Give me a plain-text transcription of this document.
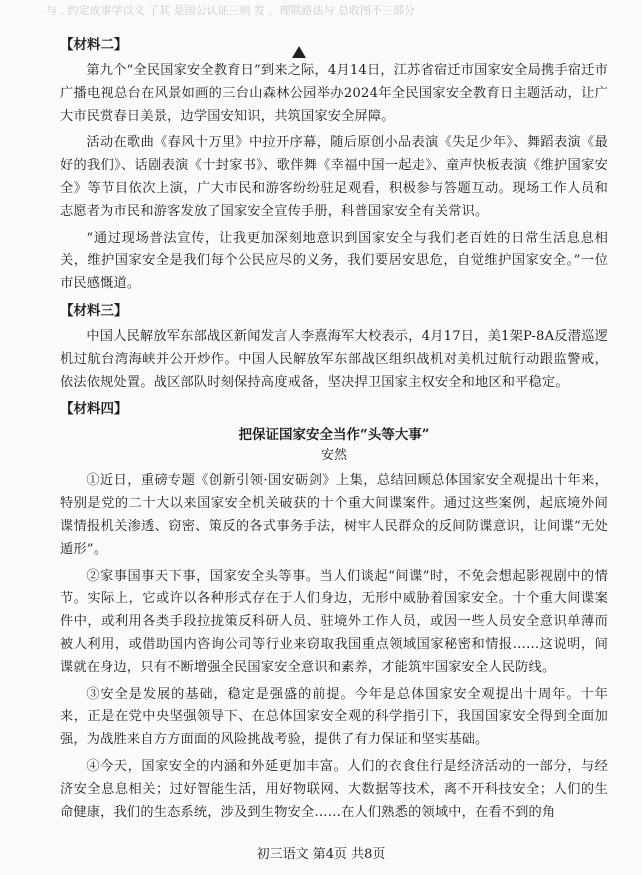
与 . 约定成事学以义 了其 是国公认证三则 发 ，理联路法与 总收图不三部分
【材料二】

第九个“全民国家安全教育日”到来之际，4月14日，江苏省宿迁市国家安全局携手宿迁市广播电视总台在风景如画的三台山森林公园举办2024年全民国家安全教育日主题活动，让广大市民赏春日美景，边学国安知识，共筑国家安全屏障。

活动在歌曲《春风十万里》中拉开序幕，随后原创小品表演《失足少年》、舞蹈表演《最好的我们》、话剧表演《十封家书》、歌伴舞《幸福中国一起走》、童声快板表演《维护国家安全》等节目依次上演，广大市民和游客纷纷驻足观看，积极参与答题互动。现场工作人员和志愿者为市民和游客发放了国家安全宣传手册，科普国家安全有关常识。

“通过现场普法宣传，让我更加深刻地意识到国家安全与我们老百姓的日常生活息息相关，维护国家安全是我们每个公民应尽的义务，我们要居安思危，自觉维护国家安全。”一位市民感慨道。

【材料三】

中国人民解放军东部战区新闻发言人李熹海军大校表示，4月17日，美1架P-8A反潜巡逻机过航台湾海峡并公开炒作。中国人民解放军东部战区组织战机对美机过航行动跟监警戒，依法依规处置。战区部队时刻保持高度戒备，坚决捍卫国家主权安全和地区和平稳定。

【材料四】
把保证国家安全当作“头等大事”
安然

①近日，重磅专题《创新引领·国安砺剑》上集，总结回顾总体国家安全观提出十年来，特别是党的二十大以来国家安全机关破获的十个重大间谍案件。通过这些案例，起底境外间谍情报机关渗透、窃密、策反的各式事务手法，树牢人民群众的反间防谍意识，让间谍“无处遁形”。

②家事国事天下事，国家安全头等事。当人们谈起“间谍”时，不免会想起影视剧中的情节。实际上，它或许以各种形式存在于人们身边，无形中威胁着国家安全。十个重大间谍案件中，或利用各类手段拉拢策反科研人员、驻境外工作人员，或因一些人员安全意识单薄而被人利用，或借助国内咨询公司等行业来窃取我国重点领域国家秘密和情报……这说明，间谍就在身边，只有不断增强全民国家安全意识和素养，才能筑牢国家安全人民防线。

③安全是发展的基础，稳定是强盛的前提。今年是总体国家安全观提出十周年。十年来，正是在党中央坚强领导下、在总体国家安全观的科学指引下，我国国家安全得到全面加强，为战胜来自方方面面的风险挑战考验，提供了有力保证和坚实基础。

④今天，国家安全的内涵和外延更加丰富。人们的衣食住行是经济活动的一部分，与经济安全息息相关；过好智能生活，用好物联网、大数据等技术，离不开科技安全；人们的生命健康，我们的生态系统，涉及到生物安全……在人们熟悉的领域中，在看不到的角

初三语文 第4页 共8页
